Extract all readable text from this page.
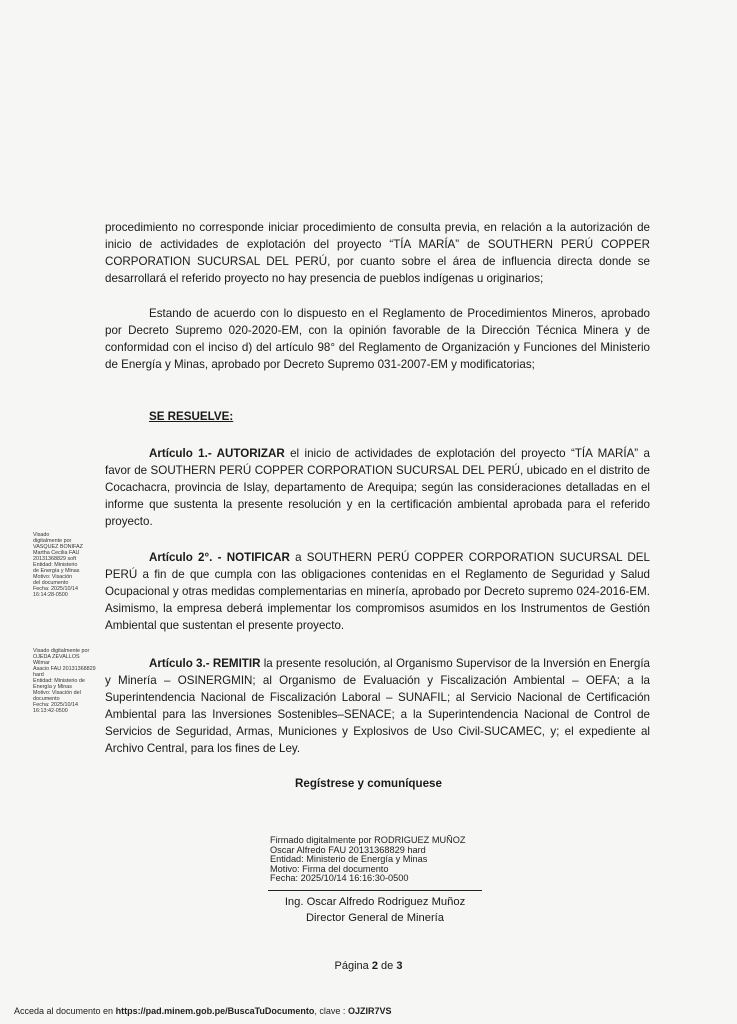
procedimiento no corresponde iniciar procedimiento de consulta previa, en relación a la autorización de inicio de actividades de explotación del proyecto “TÍA MARÍA” de SOUTHERN PERÚ COPPER CORPORATION SUCURSAL DEL PERÚ, por cuanto sobre el área de influencia directa donde se desarrollará el referido proyecto no hay presencia de pueblos indígenas u originarios;

Estando de acuerdo con lo dispuesto en el Reglamento de Procedimientos Mineros, aprobado por Decreto Supremo 020-2020-EM, con la opinión favorable de la Dirección Técnica Minera y de conformidad con el inciso d) del artículo 98° del Reglamento de Organización y Funciones del Ministerio de Energía y Minas, aprobado por Decreto Supremo 031-2007-EM y modificatorias;

SE RESUELVE:

Artículo 1.- AUTORIZAR el inicio de actividades de explotación del proyecto “TÍA MARÍA” a favor de SOUTHERN PERÚ COPPER CORPORATION SUCURSAL DEL PERÚ, ubicado en el distrito de Cocachacra, provincia de Islay, departamento de Arequipa; según las consideraciones detalladas en el informe que sustenta la presente resolución y en la certificación ambiental aprobada para el referido proyecto.

Artículo 2°. - NOTIFICAR a SOUTHERN PERÚ COPPER CORPORATION SUCURSAL DEL PERÚ a fin de que cumpla con las obligaciones contenidas en el Reglamento de Seguridad y Salud Ocupacional y otras medidas complementarias en minería, aprobado por Decreto supremo 024-2016-EM. Asimismo, la empresa deberá implementar los compromisos asumidos en los Instrumentos de Gestión Ambiental que sustentan el presente proyecto.

Artículo 3.- REMITIR la presente resolución, al Organismo Supervisor de la Inversión en Energía y Minería – OSINERGMIN; al Organismo de Evaluación y Fiscalización Ambiental – OEFA; a la Superintendencia Nacional de Fiscalización Laboral – SUNAFIL; al Servicio Nacional de Certificación Ambiental para las Inversiones Sostenibles–SENACE; a la Superintendencia Nacional de Control de Servicios de Seguridad, Armas, Municiones y Explosivos de Uso Civil-SUCAMEC, y; el expediente al Archivo Central, para los fines de Ley.

Regístrese y comuníquese
Visado
digitalmente por
VASQUEZ BONIFAZ
Martha Cecilia FAU
20131368829 soft
Entidad: Ministerio
de Energía y Minas
Motivo: Visación
del documento
Fecha: 2025/10/14
16:14:28-0500
Visado digitalmente por
OJEDA ZEVALLOS Wilmar
Asacio FAU 20131368829
hard
Entidad: Ministerio de
Energía y Minas
Motivo: Visación del
documento
Fecha: 2025/10/14
16:13:42-0500
Firmado digitalmente por RODRIGUEZ MUÑOZ
Oscar Alfredo FAU 20131368829 hard
Entidad: Ministerio de Energía y Minas
Motivo: Firma del documento
Fecha: 2025/10/14 16:16:30-0500
Ing. Oscar Alfredo Rodriguez Muñoz
Director General de Minería
Página 2 de 3
Acceda al documento en https://pad.minem.gob.pe/BuscaTuDocumento, clave : OJZIR7VS
